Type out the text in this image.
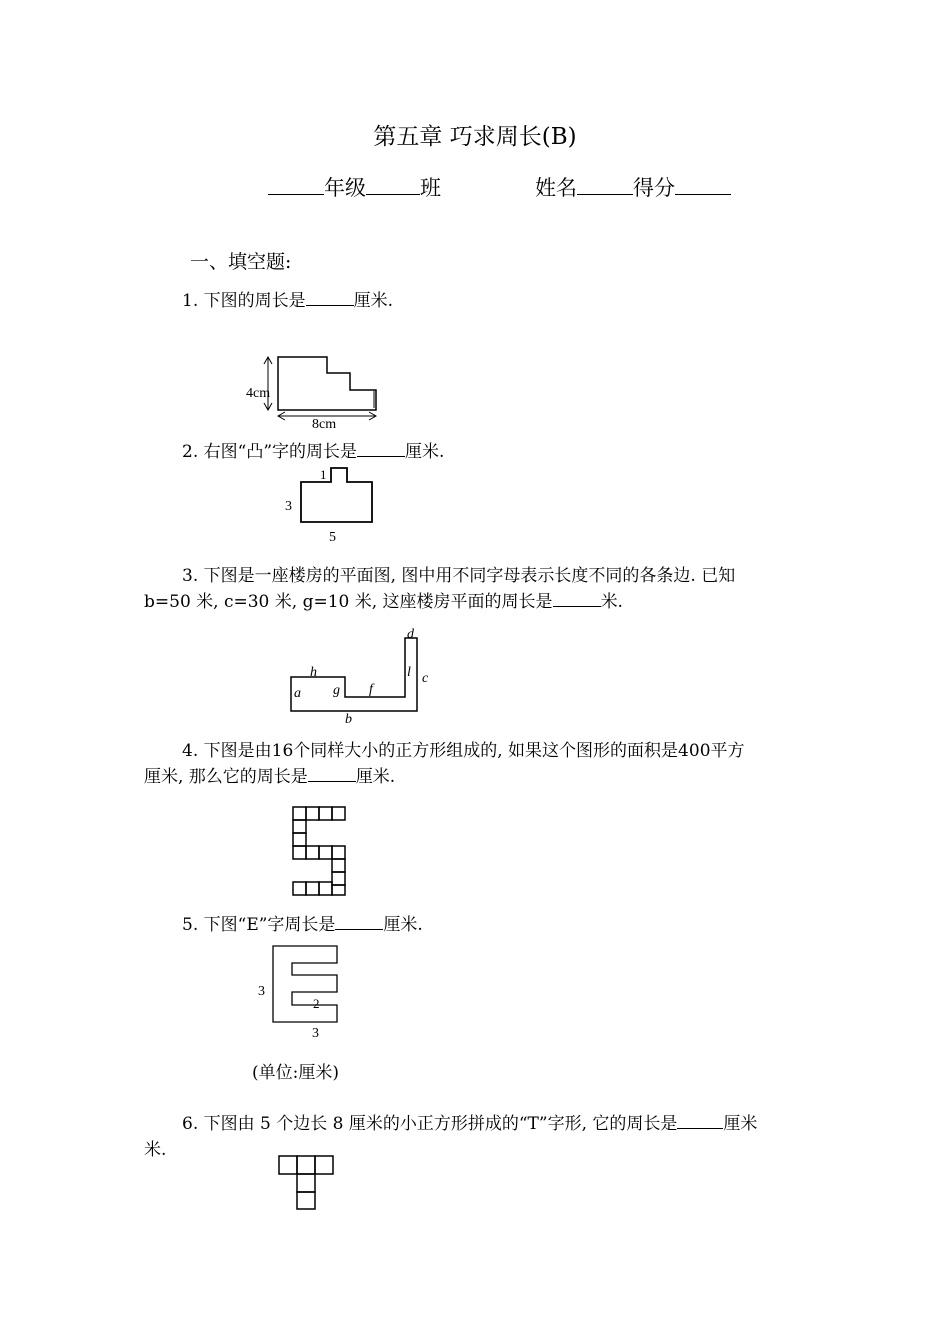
第五章 巧求周长(B)
年级	班	姓名	得分
一、填空题:
1. 下图的周长是	厘米.
4cm
8cm
2. 右图“凸”字的周长是	厘米.
1
3
5
3. 下图是一座楼房的平面图, 图中用不同字母表示长度不同的各条边. 已知
b=50 米, c=30 米, g=10 米, 这座楼房平面的周长是	米.
d
h	l c
a g f
b
4. 下图是由16个同样大小的正方形组成的, 如果这个图形的面积是400平方
厘米, 那么它的周长是	厘米.
5. 下图“E”字周长是	厘米.
3
2
3
(单位:厘米)
6. 下图由 5 个边长 8 厘米的小正方形拼成的“T”字形, 它的周长是	厘米
米.
